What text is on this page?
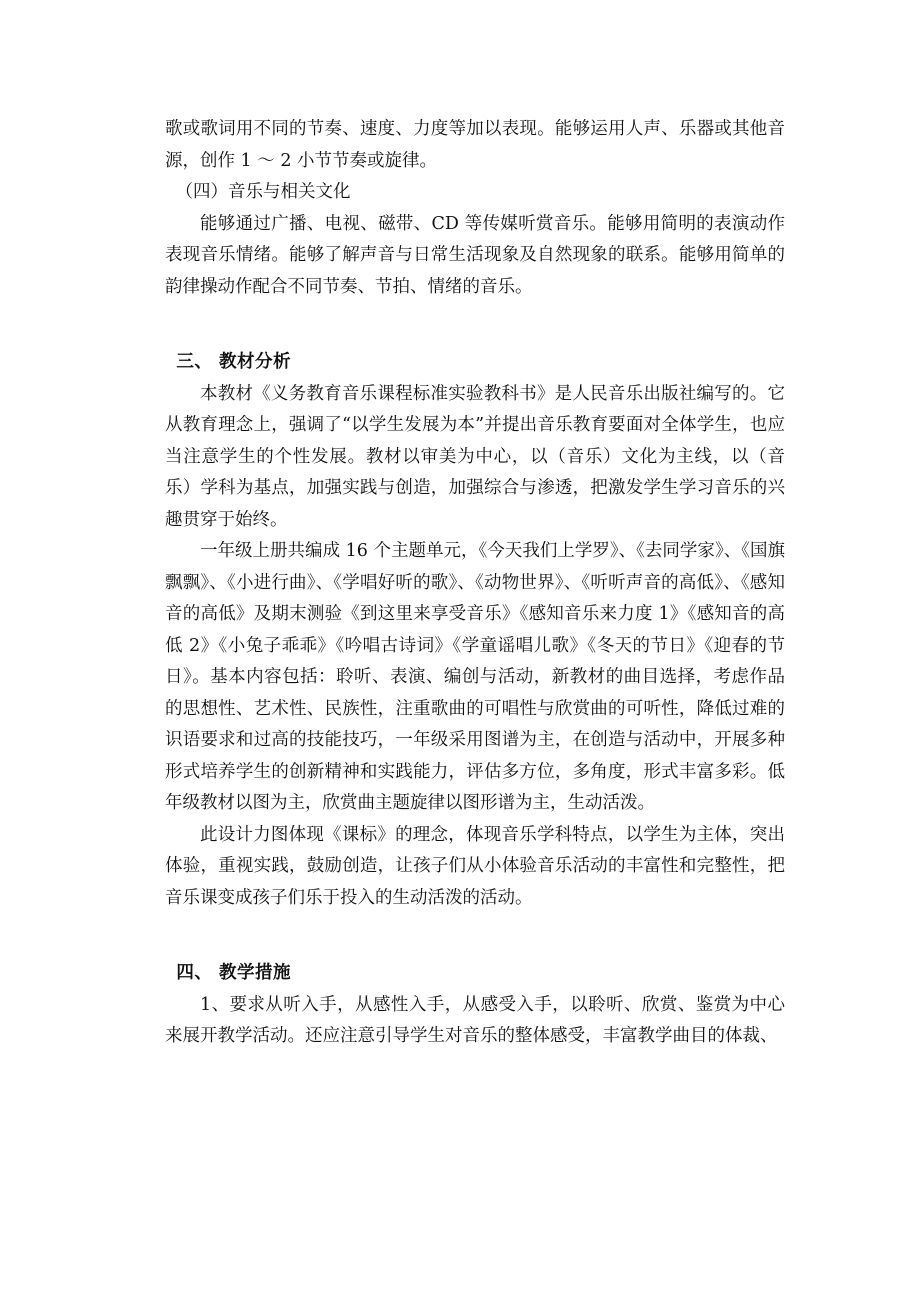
歌或歌词用不同的节奏、速度、力度等加以表现。能够运用人声、乐器或其他音源，创作 1 ～ 2 小节节奏或旋律。

（四）音乐与相关文化

能够通过广播、电视、磁带、CD 等传媒听赏音乐。能够用简明的表演动作表现音乐情绪。能够了解声音与日常生活现象及自然现象的联系。能够用简单的韵律操动作配合不同节奏、节拍、情绪的音乐。

三、 教材分析

本教材《义务教育音乐课程标准实验教科书》是人民音乐出版社编写的。它从教育理念上，强调了“以学生发展为本”并提出音乐教育要面对全体学生，也应当注意学生的个性发展。教材以审美为中心，以（音乐）文化为主线，以（音乐）学科为基点，加强实践与创造，加强综合与渗透，把激发学生学习音乐的兴趣贯穿于始终。

一年级上册共编成 16 个主题单元，《今天我们上学罗》、《去同学家》、《国旗飘飘》、《小进行曲》、《学唱好听的歌》、《动物世界》、《听听声音的高低》、《感知音的高低》及期末测验《到这里来享受音乐》《感知音乐来力度 1》《感知音的高低 2》《小兔子乖乖》《吟唱古诗词》《学童谣唱儿歌》《冬天的节日》《迎春的节日》。基本内容包括：聆听、表演、编创与活动，新教材的曲目选择，考虑作品的思想性、艺术性、民族性，注重歌曲的可唱性与欣赏曲的可听性，降低过难的识语要求和过高的技能技巧，一年级采用图谱为主，在创造与活动中，开展多种形式培养学生的创新精神和实践能力，评估多方位，多角度，形式丰富多彩。低年级教材以图为主，欣赏曲主题旋律以图形谱为主，生动活泼。

此设计力图体现《课标》的理念，体现音乐学科特点，以学生为主体，突出体验，重视实践，鼓励创造，让孩子们从小体验音乐活动的丰富性和完整性，把音乐课变成孩子们乐于投入的生动活泼的活动。

四、 教学措施

1、要求从听入手，从感性入手，从感受入手，以聆听、欣赏、鉴赏为中心来展开教学活动。还应注意引导学生对音乐的整体感受，丰富教学曲目的体裁、
